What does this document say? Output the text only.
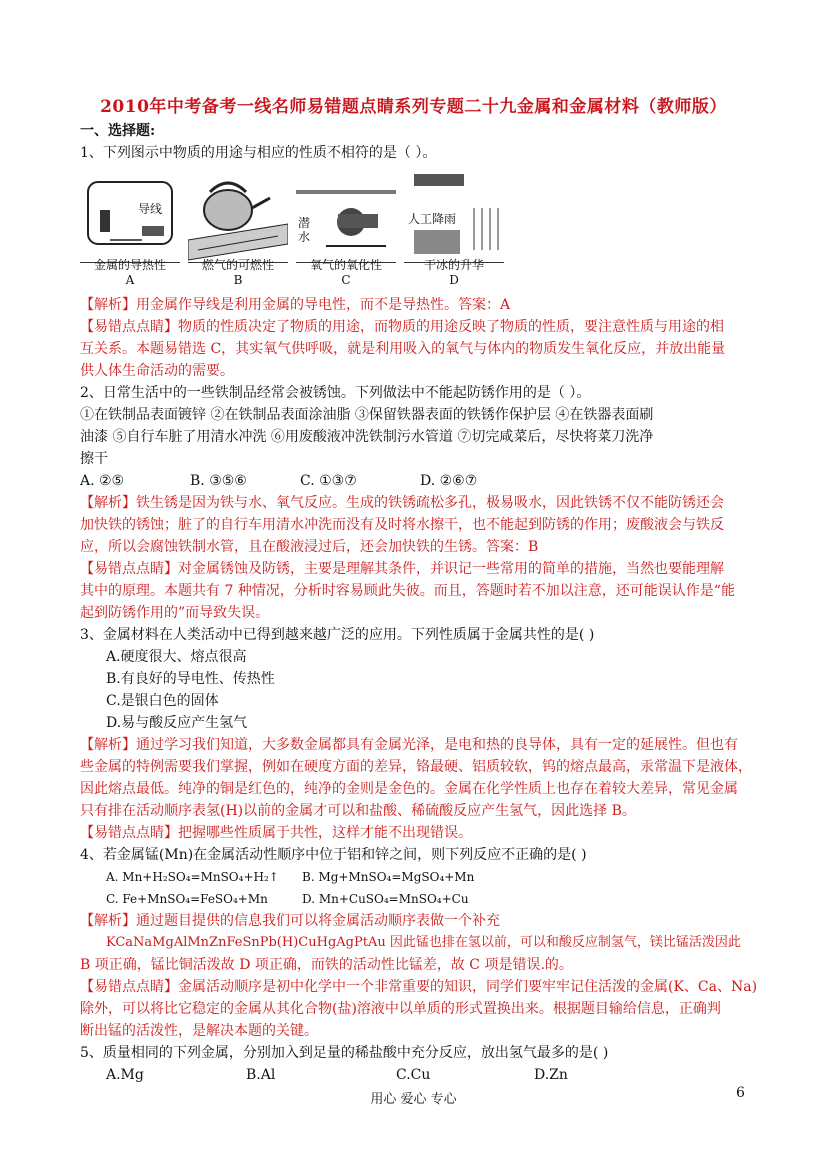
2010年中考备考一线名师易错题点睛系列专题二十九金属和金属材料（教师版）
一、选择题:
1、下列图示中物质的用途与相应的性质不相符的是（ ）。
导线
潜水
人工降雨
金属的导热性
A
燃气的可燃性
B
氧气的氧化性
C
干冰的升华
D
【解析】用金属作导线是利用金属的导电性，而不是导热性。答案：A
【易错点点睛】物质的性质决定了物质的用途，而物质的用途反映了物质的性质，要注意性质与用途的相
互关系。本题易错选 C，其实氧气供呼吸，就是利用吸入的氧气与体内的物质发生氧化反应，并放出能量
供人体生命活动的需要。
2、日常生活中的一些铁制品经常会被锈蚀。下列做法中不能起防锈作用的是（ ）。
①在铁制品表面镀锌 ②在铁制品表面涂油脂 ③保留铁器表面的铁锈作保护层 ④在铁器表面刷
油漆 ⑤自行车脏了用清水冲洗 ⑥用废酸液冲洗铁制污水管道 ⑦切完咸菜后，尽快将菜刀洗净
擦干
A. ②⑤	B. ③⑤⑥	C. ①③⑦	D. ②⑥⑦
【解析】铁生锈是因为铁与水、氧气反应。生成的铁锈疏松多孔，极易吸水，因此铁锈不仅不能防锈还会
加快铁的锈蚀；脏了的自行车用清水冲洗而没有及时将水擦干，也不能起到防锈的作用；废酸液会与铁反
应，所以会腐蚀铁制水管，且在酸液浸过后，还会加快铁的生锈。答案：B
【易错点点睛】对金属锈蚀及防锈，主要是理解其条件，并识记一些常用的简单的措施，当然也要能理解
其中的原理。本题共有 7 种情况，分析时容易顾此失彼。而且，答题时若不加以注意，还可能误认作是“能
起到防锈作用的”而导致失误。
3、金属材料在人类活动中已得到越来越广泛的应用。下列性质属于金属共性的是( )
A.硬度很大、熔点很高
B.有良好的导电性、传热性
C.是银白色的固体
D.易与酸反应产生氢气
【解析】通过学习我们知道，大多数金属都具有金属光泽，是电和热的良导体，具有一定的延展性。但也有
些金属的特例需要我们掌握，例如在硬度方面的差异，铬最硬、铝质较软，钨的熔点最高，汞常温下是液体，
因此熔点最低。纯净的铜是红色的，纯净的金则是金色的。金属在化学性质上也存在着较大差异，常见金属
只有排在活动顺序表氢(H)以前的金属才可以和盐酸、稀硫酸反应产生氢气，因此选择 B。
【易错点点睛】把握哪些性质属于共性，这样才能不出现错误。
4、若金属锰(Mn)在金属活动性顺序中位于铝和锌之间，则下列反应不正确的是( )
A. Mn+H₂SO₄=MnSO₄+H₂↑ B. Mg+MnSO₄=MgSO₄+Mn
C. Fe+MnSO₄=FeSO₄+Mn	D. Mn+CuSO₄=MnSO₄+Cu
【解析】通过题目提供的信息我们可以将金属活动顺序表做一个补充
KCaNaMgAlMnZnFeSnPb(H)CuHgAgPtAu 因此锰也排在氢以前，可以和酸反应制氢气，镁比锰活泼因此
B 项正确，锰比铜活泼故 D 项正确，而铁的活动性比锰差，故 C 项是错误.的。
【易错点点睛】金属活动顺序是初中化学中一个非常重要的知识，同学们要牢牢记住活泼的金属(K、Ca、Na)
除外，可以将比它稳定的金属从其化合物(盐)溶液中以单质的形式置换出来。根据题目输给信息，正确判
断出锰的活泼性，是解决本题的关键。
5、质量相同的下列金属，分别加入到足量的稀盐酸中充分反应，放出氢气最多的是( )
A.Mg	B.Al	C.Cu	D.Zn
用心 爱心 专心	6
